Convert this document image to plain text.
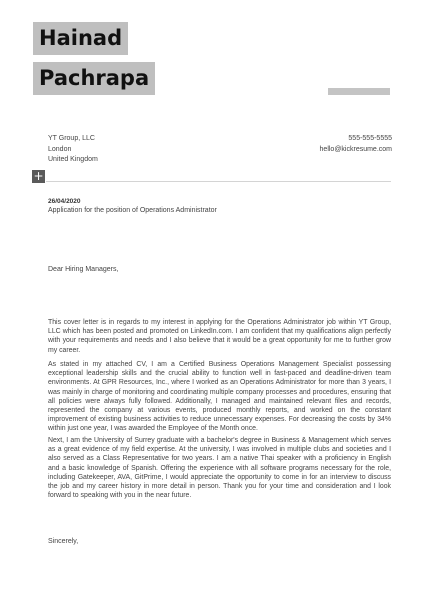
Hainad
Pachrapa
YT Group, LLC
London
United Kingdom
555-555-5555
hello@kickresume.com
+
26/04/2020
Application for the position of Operations Administrator
Dear Hiring Managers,

This cover letter is in regards to my interest in applying for the Operations Administrator job within YT Group, LLC which has been posted and promoted on LinkedIn.com. I am confident that my qualifications align perfectly with your requirements and needs and I also believe that it would be a great opportunity for me to further grow my career.

As stated in my attached CV, I am a Certified Business Operations Management Specialist possessing exceptional leadership skills and the crucial ability to function well in fast-paced and deadline-driven team environments. At GPR Resources, Inc., where I worked as an Operations Administrator for more than 3 years, I was mainly in charge of monitoring and coordinating multiple company processes and procedures, ensuring that all policies were always fully followed. Additionally, I managed and maintained relevant files and records, represented the company at various events, produced monthly reports, and worked on the constant improvement of existing business activities to reduce unnecessary expenses. For decreasing the costs by 34% within just one year, I was awarded the Employee of the Month once.

Next, I am the University of Surrey graduate with a bachelor's degree in Business & Management which serves as a great evidence of my field expertise. At the university, I was involved in multiple clubs and societies and I also served as a Class Representative for two years. I am a native Thai speaker with a proficiency in English and a basic knowledge of Spanish. Offering the experience with all software programs necessary for the role, including Gatekeeper, AVA, GitPrime, I would appreciate the opportunity to come in for an interview to discuss the job and my career history in more detail in person. Thank you for your time and consideration and I look forward to speaking with you in the near future.

Sincerely,
